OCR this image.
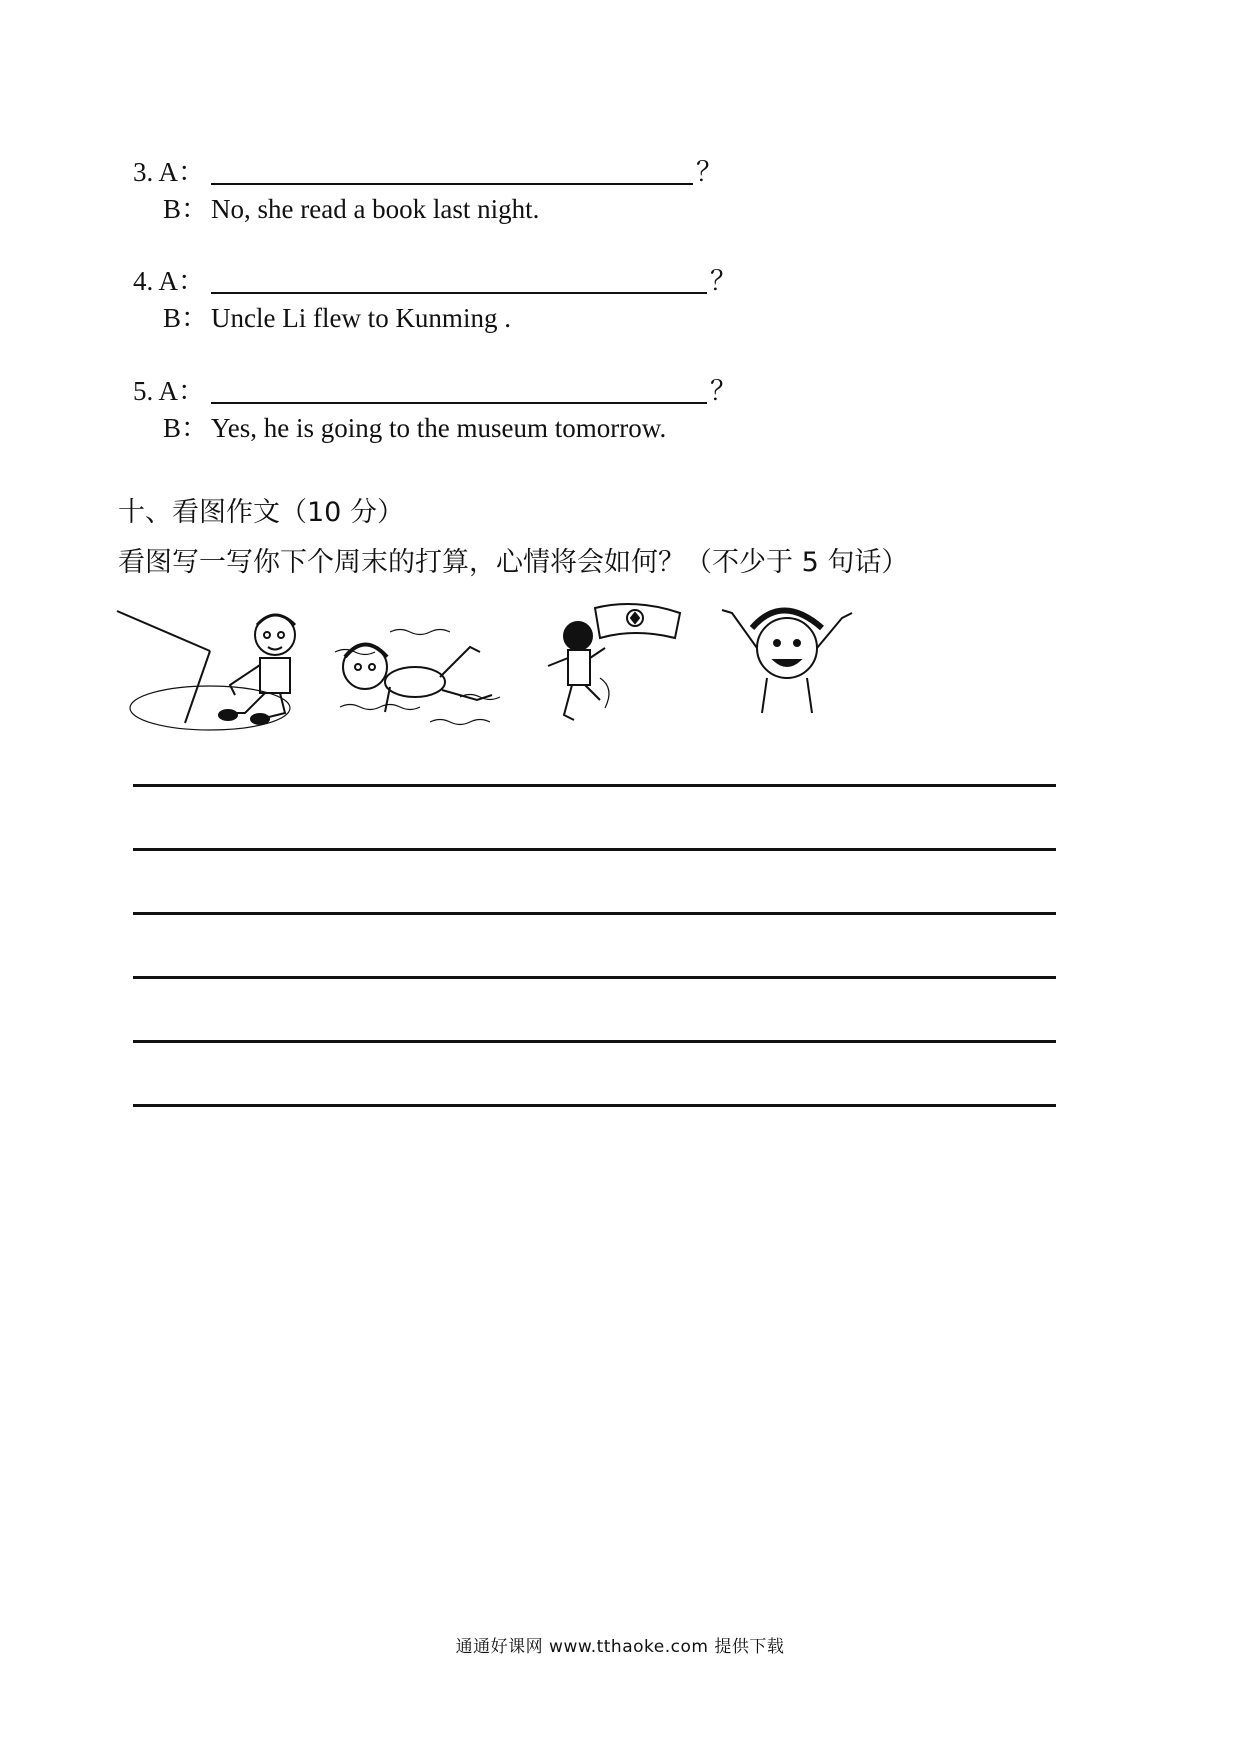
3. A：	？
B： No, she read a book last night.
4. A：	？
B： Uncle Li flew to Kunming .
5. A：	？
B： Yes, he is going to the museum tomorrow.
十、看图作文（10 分）
看图写一写你下个周末的打算，心情将会如何？（不少于 5 句话）
通通好课网 www.tthaoke.com 提供下载
